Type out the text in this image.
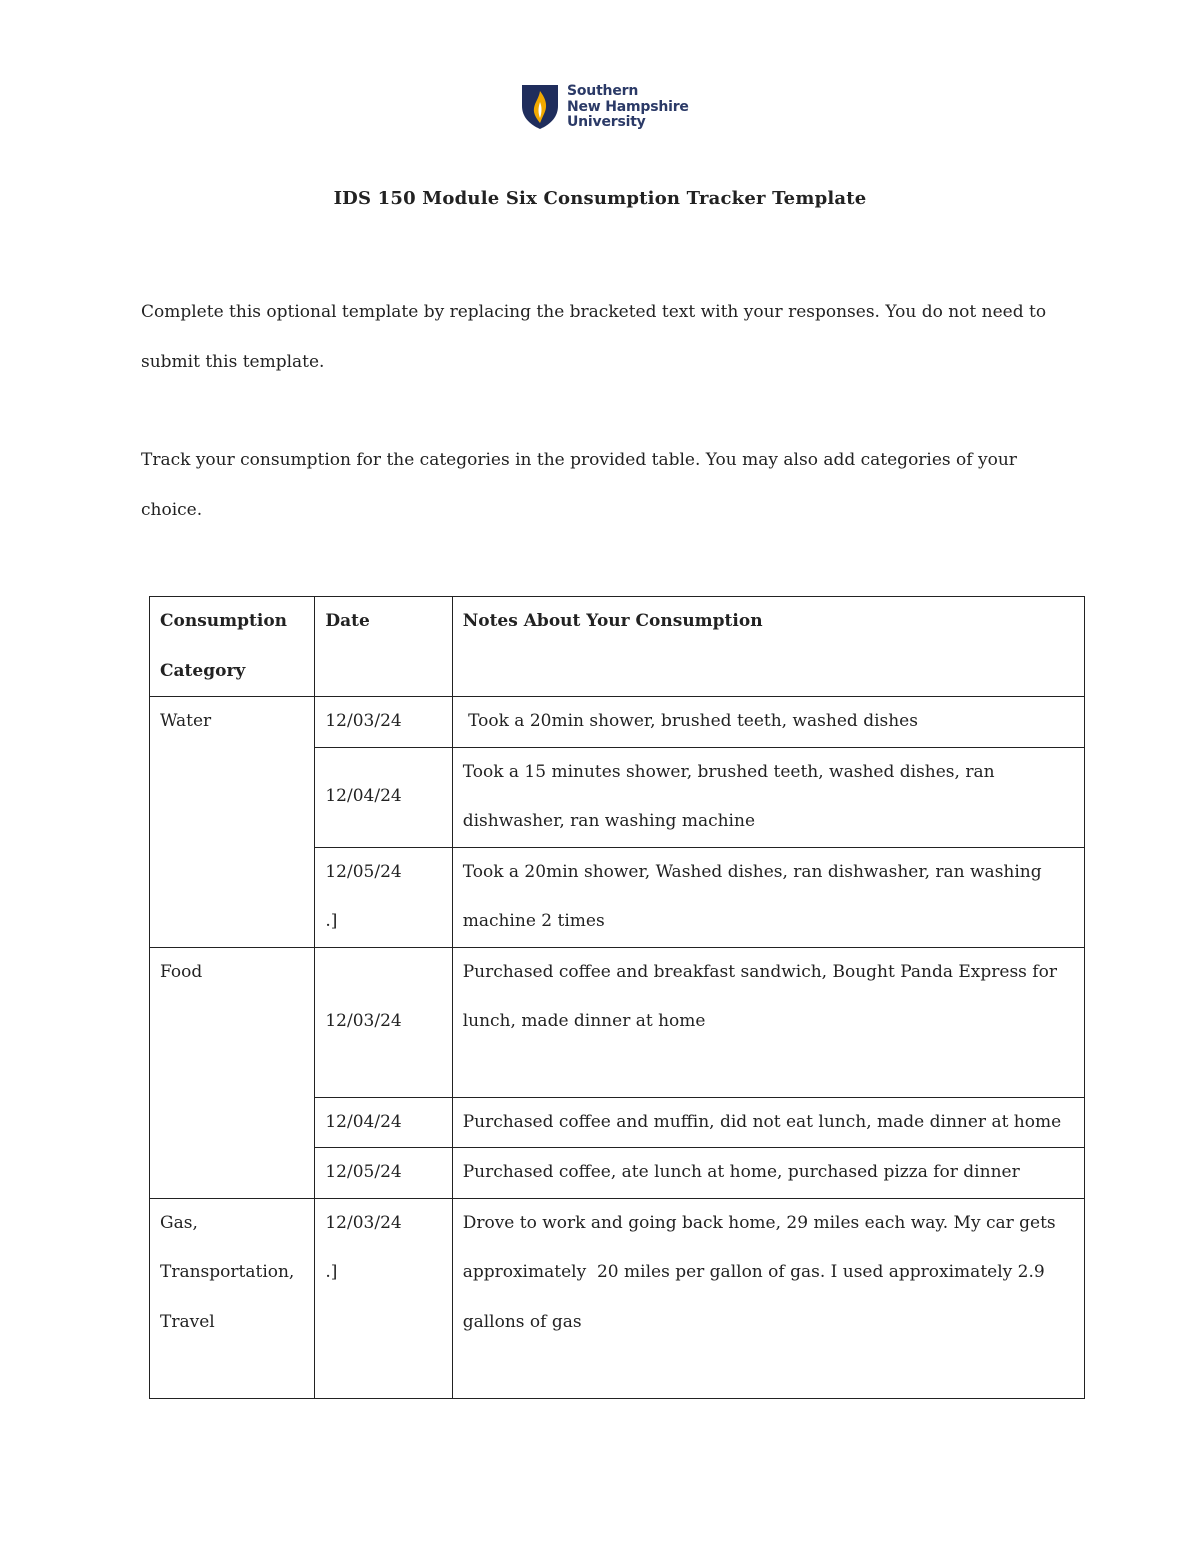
Southern
New Hampshire
University
IDS 150 Module Six Consumption Tracker Template
Complete this optional template by replacing the bracketed text with your responses. You do not need to submit this template.
Track your consumption for the categories in the provided table. You may also add categories of your choice.
Consumption Category	Date	Notes About Your Consumption
Water	12/03/24	Took a 20min shower, brushed teeth, washed dishes
	12/04/24	Took a 15 minutes shower, brushed teeth, washed dishes, ran dishwasher, ran washing machine
	12/05/24 .]	Took a 20min shower, Washed dishes, ran dishwasher, ran washing machine 2 times
Food	12/03/24	Purchased coffee and breakfast sandwich, Bought Panda Express for lunch, made dinner at home
	12/04/24	Purchased coffee and muffin, did not eat lunch, made dinner at home
	12/05/24	Purchased coffee, ate lunch at home, purchased pizza for dinner
Gas, Transportation, Travel	12/03/24 .]	Drove to work and going back home, 29 miles each way. My car gets approximately  20 miles per gallon of gas. I used approximately 2.9 gallons of gas
